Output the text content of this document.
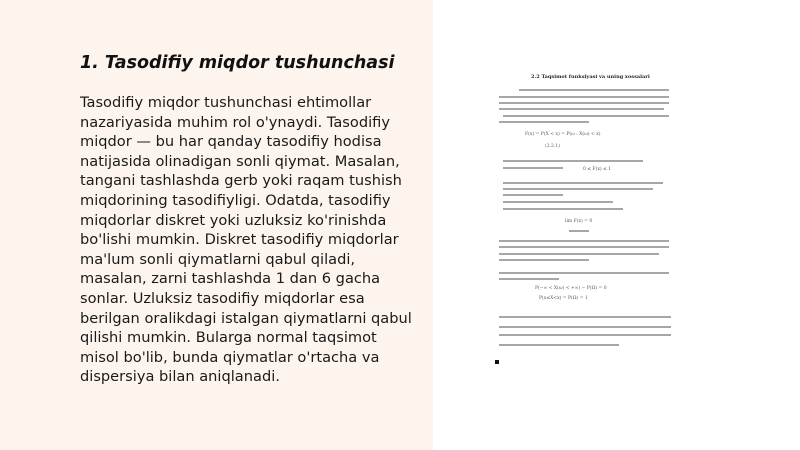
1. Tasodifiy miqdor tushunchasi

Tasodifiy miqdor tushunchasi ehtimollar nazariyasida muhim rol o'ynaydi. Tasodifiy miqdor — bu har qanday tasodifiy hodisa natijasida olinadigan sonli qiymat. Masalan, tangani tashlashda gerb yoki raqam tushish miqdorining tasodifiyligi. Odatda, tasodifiy miqdorlar diskret yoki uzluksiz ko'rinishda bo'lishi mumkin. Diskret tasodifiy miqdorlar ma'lum sonli qiymatlarni qabul qiladi, masalan, zarni tashlashda 1 dan 6 gacha sonlar. Uzluksiz tasodifiy miqdorlar esa berilgan oralikdagi istalgan qiymatlarni qabul qilishi mumkin. Bularga normal taqsimot misol bo'lib, bunda qiymatlar o'rtacha va dispersiya bilan aniqlanadi.

2.2 Taqsimot funksiyasi va uning xossalari
F(x) = P(X < x) = P(ω : X(ω) < x)
(2.2.1)
0 ≤ F(x) ≤ 1
lim F(x) = 0
P(−∞ < X(ω) < +∞) − P(Ω) = 0
P(x≤X<x) = P(Ω) = 1
